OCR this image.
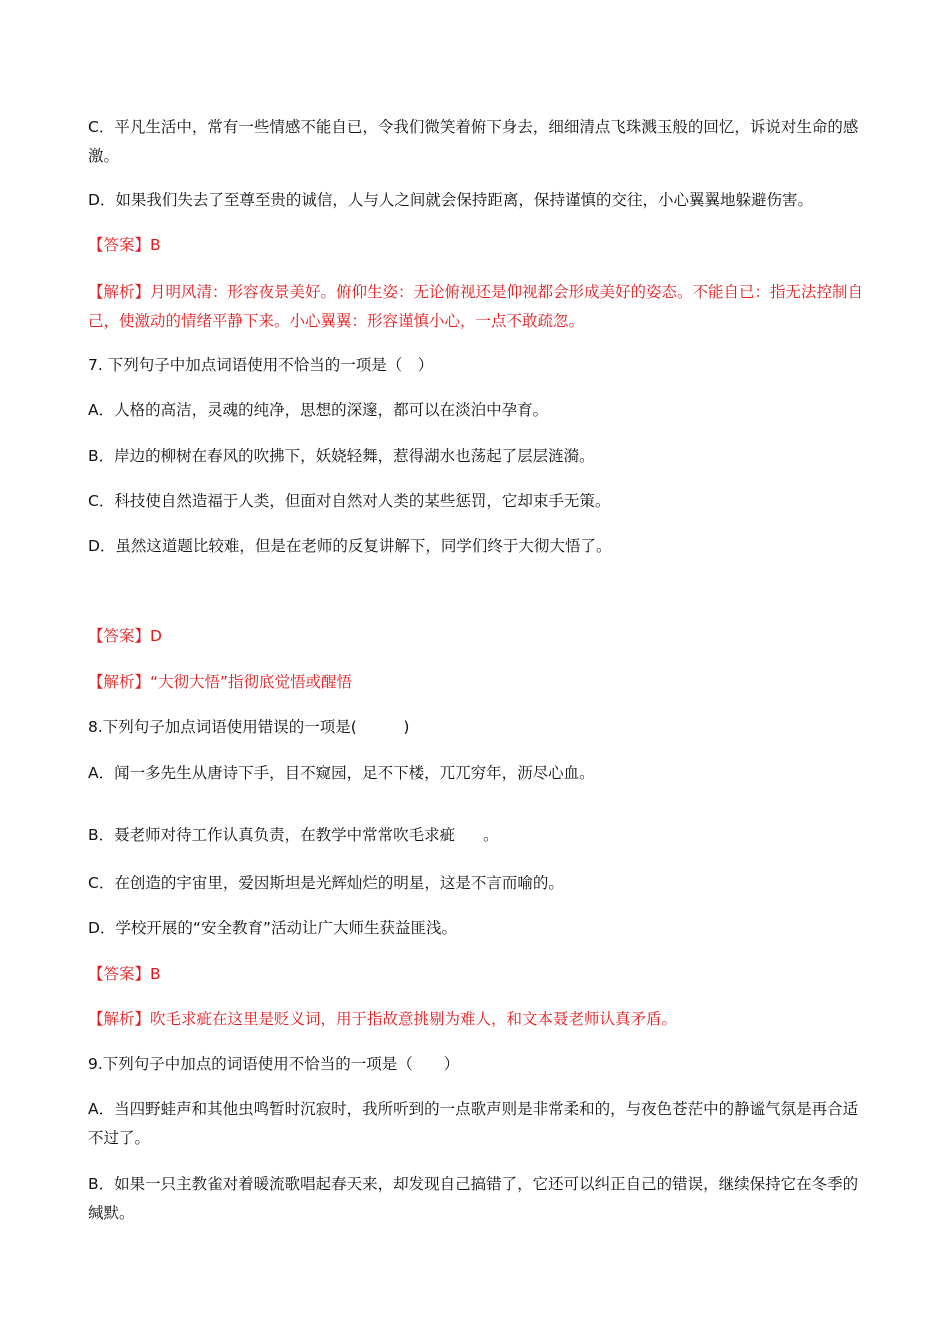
C．平凡生活中，常有一些情感不能自已，令我们微笑着俯下身去，细细清点飞珠溅玉般的回忆，诉说对生命的感激。
D．如果我们失去了至尊至贵的诚信，人与人之间就会保持距离，保持谨慎的交往，小心翼翼地躲避伤害。
【答案】B
【解析】月明风清：形容夜景美好。俯仰生姿：无论俯视还是仰视都会形成美好的姿态。不能自已：指无法控制自己，使激动的情绪平静下来。小心翼翼：形容谨慎小心，一点不敢疏忽。
7. 下列句子中加点词语使用不恰当的一项是（　）
A．人格的高洁，灵魂的纯净，思想的深邃，都可以在淡泊中孕育。
B．岸边的柳树在春风的吹拂下，妖娆轻舞，惹得湖水也荡起了层层涟漪。
C．科技使自然造福于人类，但面对自然对人类的某些惩罚，它却束手无策。
D．虽然这道题比较难，但是在老师的反复讲解下，同学们终于大彻大悟了。
【答案】D
【解析】“大彻大悟”指彻底觉悟或醒悟
8.下列句子加点词语使用错误的一项是(　　　)
A．闻一多先生从唐诗下手，目不窥园，足不下楼，兀兀穷年，沥尽心血。
B．聂老师对待工作认真负责，在教学中常常吹毛求疵 。
C．在创造的宇宙里，爱因斯坦是光辉灿烂的明星，这是不言而喻的。
D．学校开展的“安全教育”活动让广大师生获益匪浅。
【答案】B
【解析】吹毛求疵在这里是贬义词，用于指故意挑剔为难人，和文本聂老师认真矛盾。
9.下列句子中加点的词语使用不恰当的一项是（　　）
A．当四野蛙声和其他虫鸣暂时沉寂时，我所听到的一点歌声则是非常柔和的，与夜色苍茫中的静谧气氛是再合适不过了。
B．如果一只主教雀对着暖流歌唱起春天来，却发现自己搞错了，它还可以纠正自己的错误，继续保持它在冬季的缄默。
